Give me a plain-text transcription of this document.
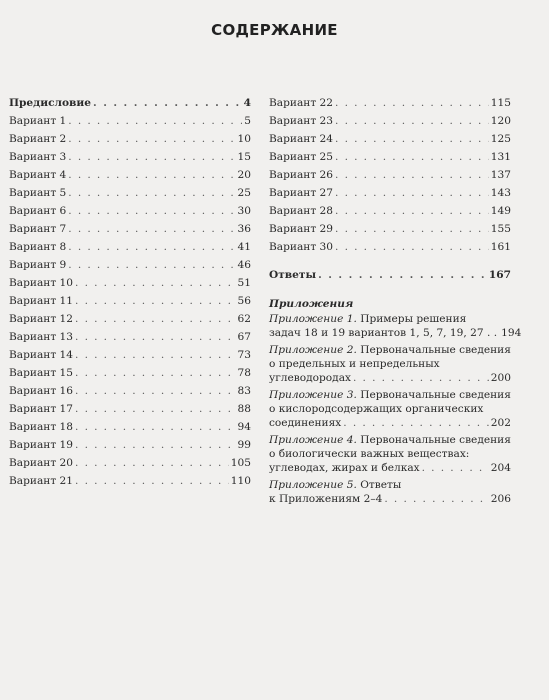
СОДЕРЖАНИЕ
Предисловие . . .	4
Вариант 1 . . .	5
Вариант 2 . . .	10
Вариант 3 . . .	15
Вариант 4 . . .	20
Вариант 5 . . .	25
Вариант 6 . . .	30
Вариант 7 . . .	36
Вариант 8 . . .	41
Вариант 9 . . .	46
Вариант 10 . . .	51
Вариант 11 . . .	56
Вариант 12 . . .	62
Вариант 13 . . .	67
Вариант 14 . . .	73
Вариант 15 . . .	78
Вариант 16 . . .	83
Вариант 17 . . .	88
Вариант 18 . . .	94
Вариант 19 . . .	99
Вариант 20 . . .	105
Вариант 21 . . .	110
Вариант 22 . . .	115
Вариант 23 . . .	120
Вариант 24 . . .	125
Вариант 25 . . .	131
Вариант 26 . . .	137
Вариант 27 . . .	143
Вариант 28 . . .	149
Вариант 29 . . .	155
Вариант 30 . . .	161
Ответы . . .	167
Приложения
Приложение 1. Примеры решения
задач 18 и 19 вариантов 1, 5, 7, 19, 27 . . 194
Приложение 2. Первоначальные сведения
о предельных и непредельных
углеводородах . . .	200
Приложение 3. Первоначальные сведения
о кислородсодержащих органических
соединениях . . .	202
Приложение 4. Первоначальные сведения
о биологически важных веществах:
углеводах, жирах и белках . . .	204
Приложение 5. Ответы
к Приложениям 2–4 . . .	206
